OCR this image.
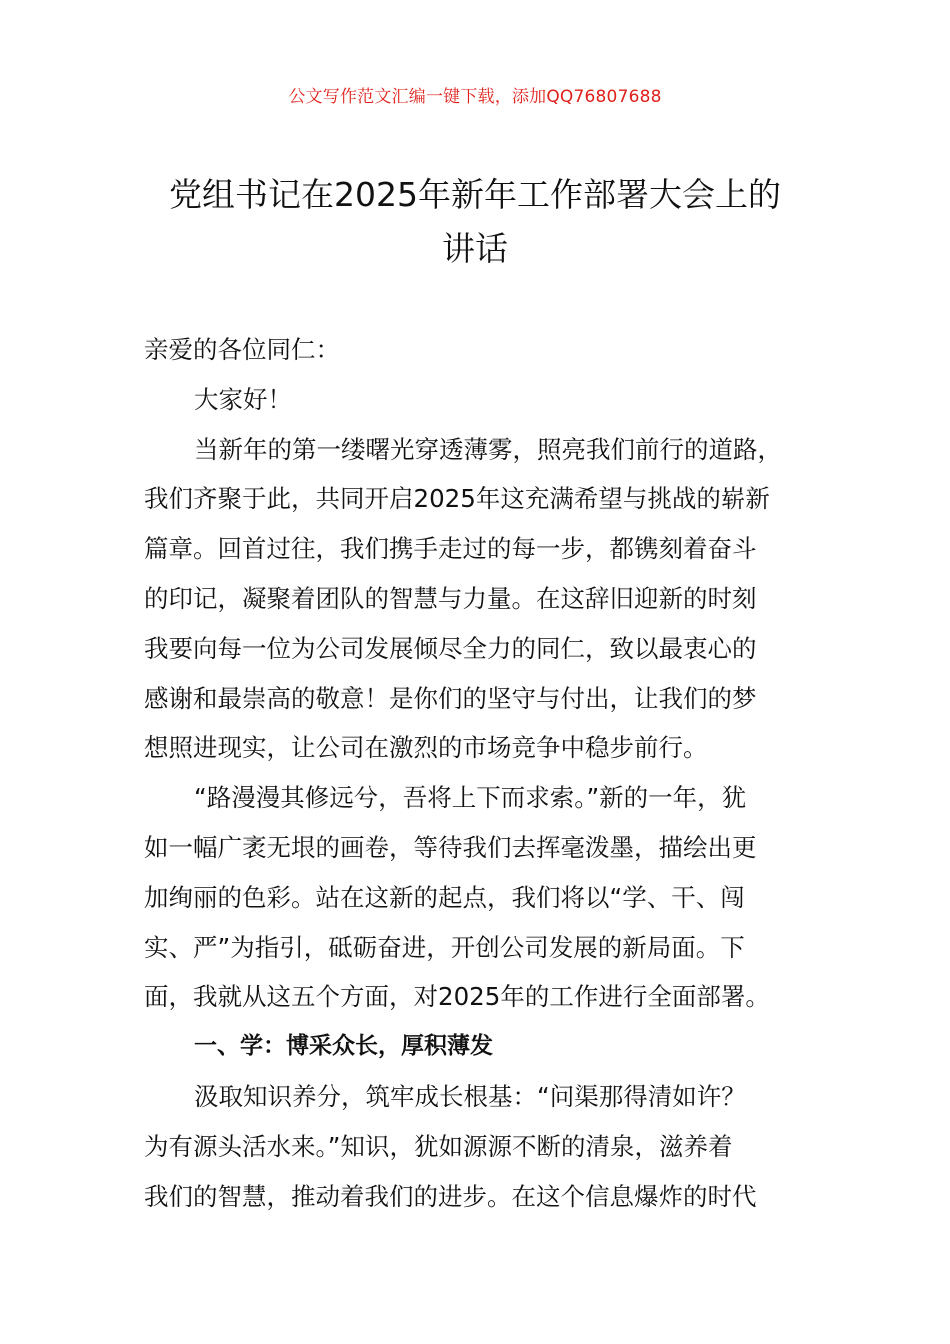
公文写作范文汇编一键下载，添加QQ76807688
党组书记在2025年新年工作部署大会上的
讲话
亲爱的各位同仁：
大家好！
当新年的第一缕曙光穿透薄雾，照亮我们前行的道路，
我们齐聚于此，共同开启2025年这充满希望与挑战的崭新
篇章。回首过往，我们携手走过的每一步，都镌刻着奋斗
的印记，凝聚着团队的智慧与力量。在这辞旧迎新的时刻
我要向每一位为公司发展倾尽全力的同仁，致以最衷心的
感谢和最崇高的敬意！是你们的坚守与付出，让我们的梦
想照进现实，让公司在激烈的市场竞争中稳步前行。
“路漫漫其修远兮，吾将上下而求索。”新的一年，犹
如一幅广袤无垠的画卷，等待我们去挥毫泼墨，描绘出更
加绚丽的色彩。站在这新的起点，我们将以“学、干、闯
实、严”为指引，砥砺奋进，开创公司发展的新局面。下
面，我就从这五个方面，对2025年的工作进行全面部署。
一、学：博采众长，厚积薄发
汲取知识养分，筑牢成长根基：“问渠那得清如许？
为有源头活水来。”知识，犹如源源不断的清泉，滋养着
我们的智慧，推动着我们的进步。在这个信息爆炸的时代
